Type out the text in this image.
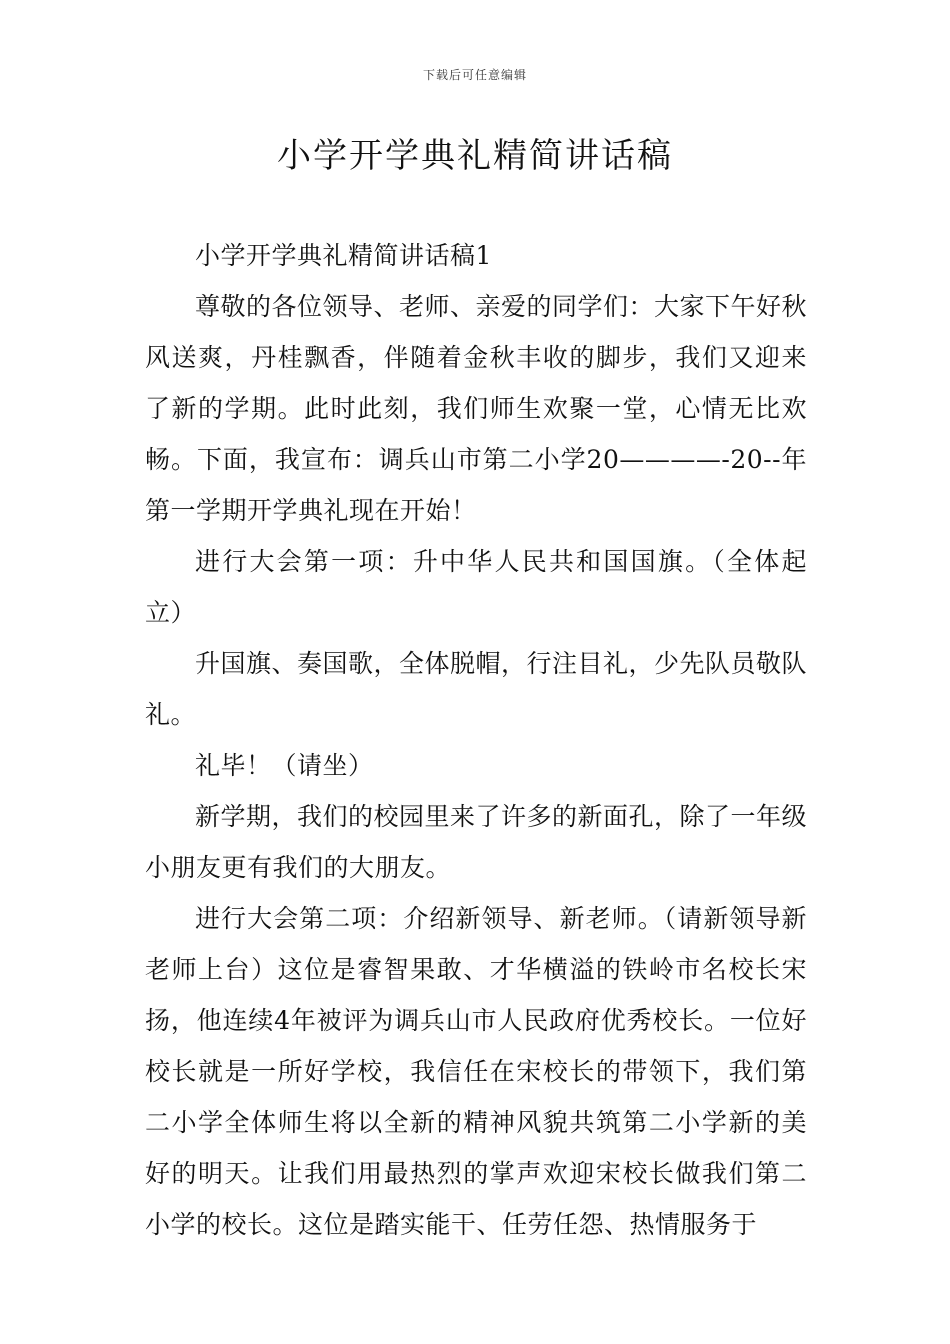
下载后可任意编辑
小学开学典礼精简讲话稿

小学开学典礼精简讲话稿1

尊敬的各位领导、老师、亲爱的同学们：大家下午好秋风送爽，丹桂飘香，伴随着金秋丰收的脚步，我们又迎来了新的学期。此时此刻，我们师生欢聚一堂，心情无比欢畅。下面，我宣布：调兵山市第二小学20————-20--年第一学期开学典礼现在开始！

进行大会第一项：升中华人民共和国国旗。（全体起立）

升国旗、奏国歌，全体脱帽，行注目礼，少先队员敬队礼。

礼毕！（请坐）

新学期，我们的校园里来了许多的新面孔，除了一年级小朋友更有我们的大朋友。

进行大会第二项：介绍新领导、新老师。（请新领导新老师上台）这位是睿智果敢、才华横溢的铁岭市名校长宋扬，他连续4年被评为调兵山市人民政府优秀校长。一位好校长就是一所好学校，我信任在宋校长的带领下，我们第二小学全体师生将以全新的精神风貌共筑第二小学新的美好的明天。让我们用最热烈的掌声欢迎宋校长做我们第二小学的校长。这位是踏实能干、任劳任怨、热情服务于
